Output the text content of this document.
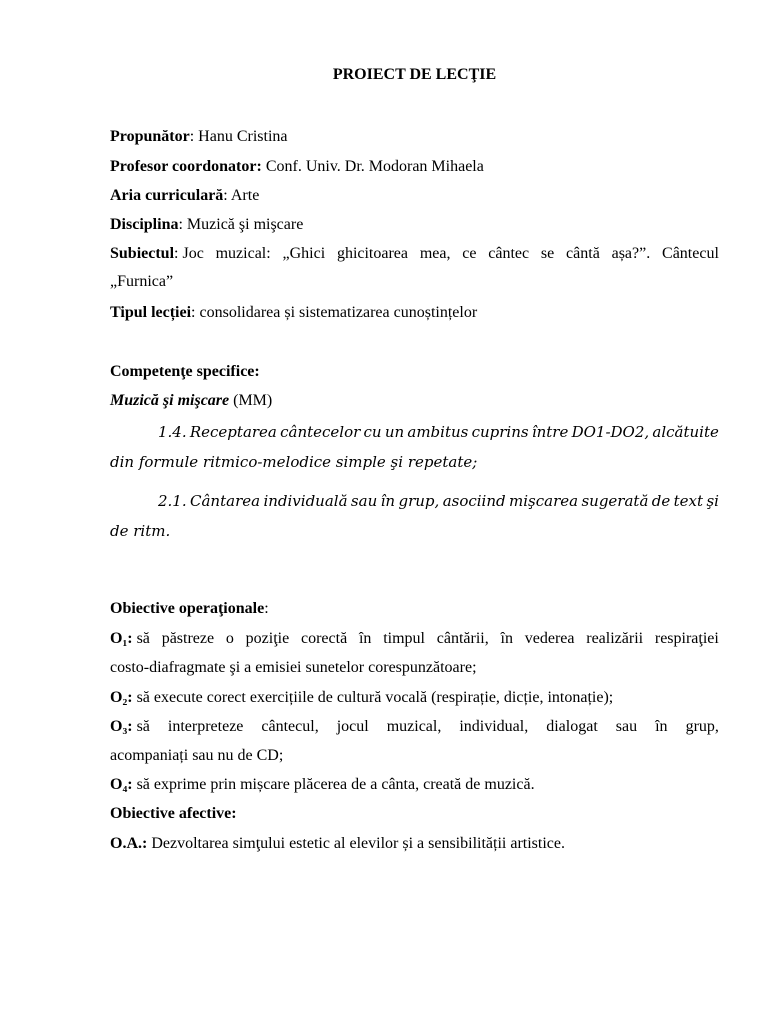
PROIECT DE LECŢIE
Propunător: Hanu Cristina
Profesor coordonator: Conf. Univ. Dr. Modoran Mihaela
Aria curriculară: Arte
Disciplina: Muzică şi mişcare
Subiectul: Joc muzical: „Ghici ghicitoarea mea, ce cântec se cântă așa?”. Cântecul
„Furnica”
Tipul lecției: consolidarea și sistematizarea cunoștințelor
Competenţe specifice:
Muzică şi mişcare (MM)
1.4. Receptarea cântecelor cu un ambitus cuprins între DO1-DO2, alcătuite
din formule ritmico-melodice simple şi repetate;
2.1. Cântarea individuală sau în grup, asociind mişcarea sugerată de text şi
de ritm.
Obiective operaţionale:
O₁: să păstreze o poziţie corectă în timpul cântării, în vederea realizării respiraţiei
costo-diafragmate şi a emisiei sunetelor corespunzătoare;
O₂: să execute corect exercițiile de cultură vocală (respirație, dicție, intonație);
O₃: să interpreteze cântecul, jocul muzical, individual, dialogat sau în grup,
acompaniați sau nu de CD;
O₄: să exprime prin mișcare plăcerea de a cânta, creată de muzică.
Obiective afective:
O.A.: Dezvoltarea simţului estetic al elevilor și a sensibilității artistice.
